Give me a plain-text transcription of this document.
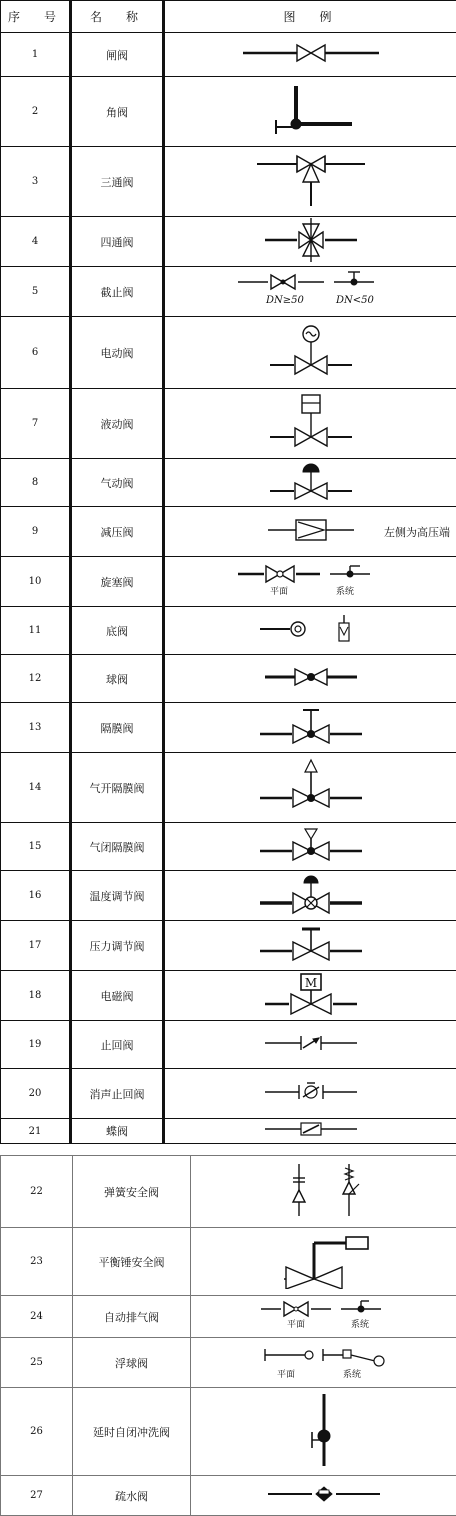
序　号	名　称	图　例
1	闸阀	

2	角阀	

3	三通阀	

4	四通阀	

5	截止阀	DN≥50 DN<50

6	电动阀	

7	液动阀	

8	气动阀	

9	减压阀	左侧为高压端

10	旋塞阀	平面 系统

11	底阀	

12	球阀	

13	隔膜阀	

14	气开隔膜阀	

15	气闭隔膜阀	

16	温度调节阀	

17	压力调节阀	

18	电磁阀	M

19	止回阀	

20	消声止回阀	

21	蝶阀	
22	弹簧安全阀	

23	平衡锤安全阀	

24	自动排气阀	平面 系统

25	浮球阀	平面 系统

26	延时自闭冲洗阀	

27	疏水阀	
